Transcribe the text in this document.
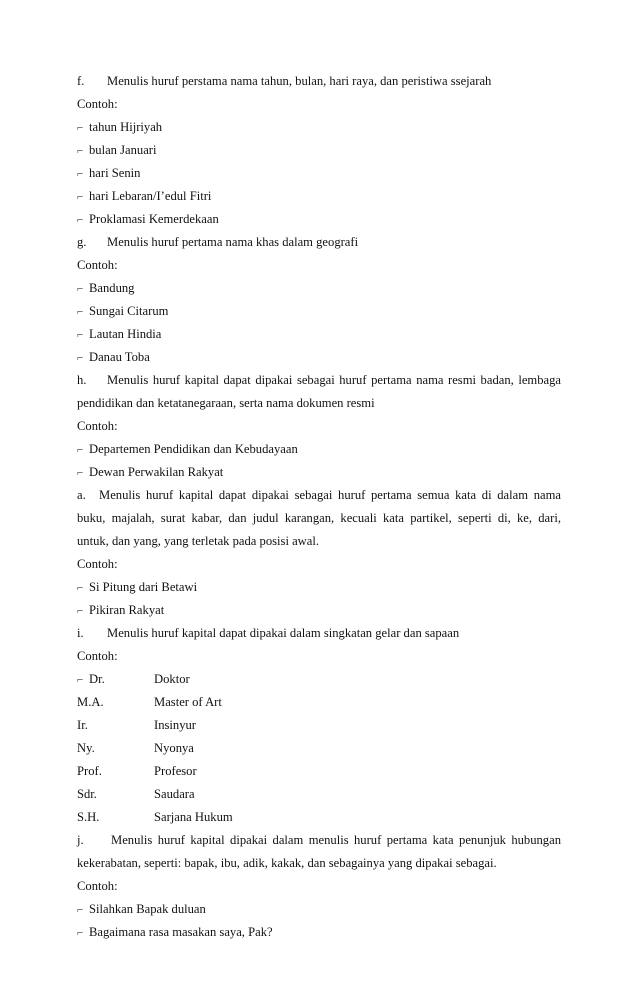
f. Menulis huruf perstama nama tahun, bulan, hari raya, dan peristiwa ssejarah
Contoh:
⌐ tahun Hijriyah
⌐ bulan Januari
⌐ hari Senin
⌐ hari Lebaran/I’edul Fitri
⌐ Proklamasi Kemerdekaan
g. Menulis huruf pertama nama khas dalam geografi
Contoh:
⌐ Bandung
⌐ Sungai Citarum
⌐ Lautan Hindia
⌐ Danau Toba
h. Menulis huruf kapital dapat dipakai sebagai huruf pertama nama resmi badan, lembaga
pendidikan dan ketatanegaraan, serta nama dokumen resmi
Contoh:
⌐ Departemen Pendidikan dan Kebudayaan
⌐ Dewan Perwakilan Rakyat
a. Menulis huruf kapital dapat dipakai sebagai huruf pertama semua kata di dalam nama
buku, majalah, surat kabar, dan judul karangan, kecuali kata partikel, seperti di, ke, dari,
untuk, dan yang, yang terletak pada posisi awal.
Contoh:
⌐ Si Pitung dari Betawi
⌐ Pikiran Rakyat
i. Menulis huruf kapital dapat dipakai dalam singkatan gelar dan sapaan
Contoh:
⌐ Dr.	Doktor
M.A.	Master of Art
Ir.	Insinyur
Ny.	Nyonya
Prof.	Profesor
Sdr.	Saudara
S.H.	Sarjana Hukum
j. Menulis huruf kapital dipakai dalam menulis huruf pertama kata penunjuk hubungan
kekerabatan, seperti: bapak, ibu, adik, kakak, dan sebagainya yang dipakai sebagai.
Contoh:
⌐ Silahkan Bapak duluan
⌐ Bagaimana rasa masakan saya, Pak?
